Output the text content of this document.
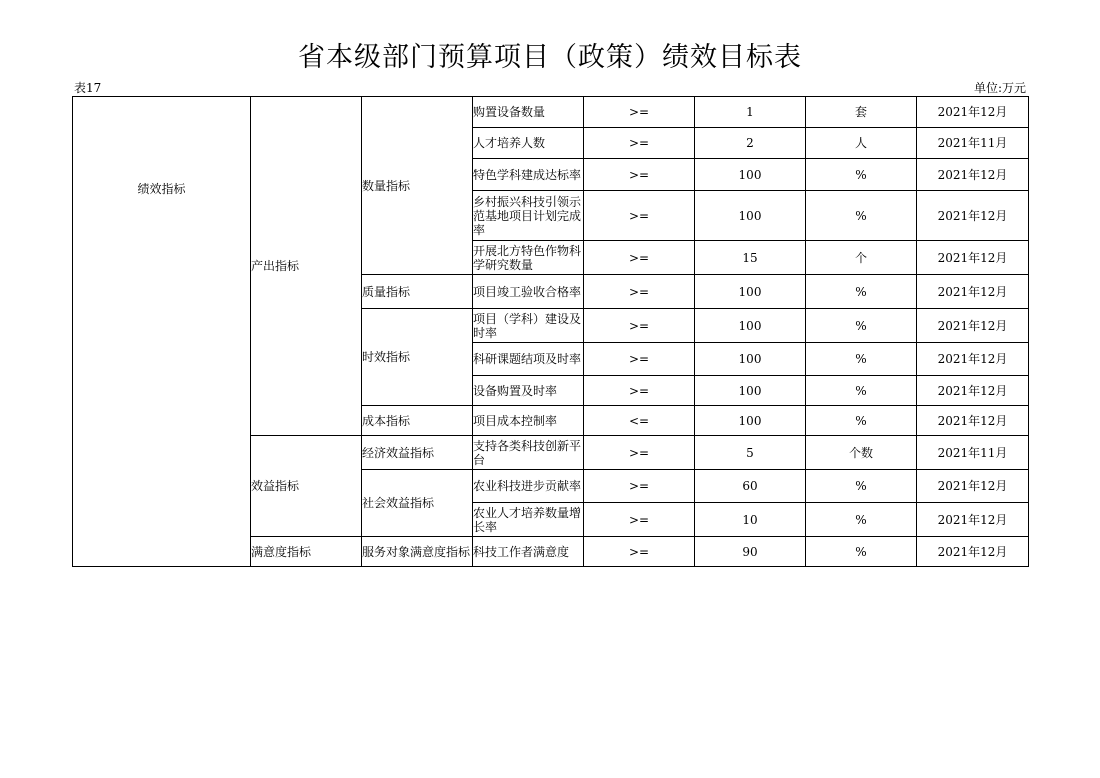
省本级部门预算项目（政策）绩效目标表
表17	单位:万元
绩效指标	产出指标	数量指标	购置设备数量	>=	1	套	2021年12月

			人才培养人数	>=	2	人	2021年11月

			特色学科建成达标率	>=	100	%	2021年12月

			乡村振兴科技引领示范基地项目计划完成率	>=	100	%	2021年12月

			开展北方特色作物科学研究数量	>=	15	个	2021年12月
		质量指标	项目竣工验收合格率	>=	100	%	2021年12月
		时效指标	项目（学科）建设及时率	>=	100	%	2021年12月

			科研课题结项及时率	>=	100	%	2021年12月

			设备购置及时率	>=	100	%	2021年12月
		成本指标	项目成本控制率	<=	100	%	2021年12月
	效益指标	经济效益指标	支持各类科技创新平台	>=	5	个数	2021年11月
		社会效益指标	农业科技进步贡献率	>=	60	%	2021年12月

			农业人才培养数量增长率	>=	10	%	2021年12月
	满意度指标	服务对象满意度指标	科技工作者满意度	>=	90	%	2021年12月
